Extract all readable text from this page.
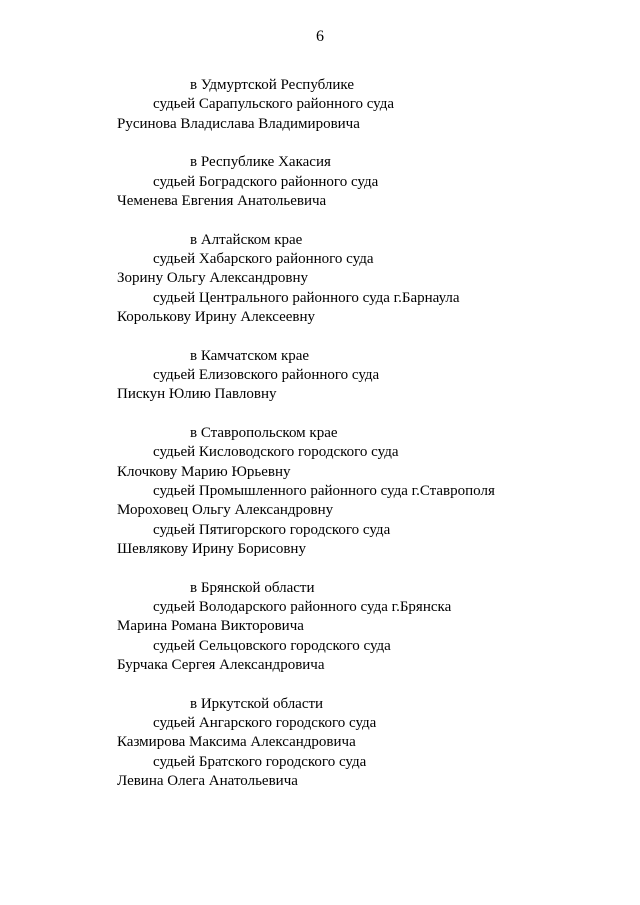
6
в Удмуртской Республике
судьей Сарапульского районного суда
Русинова Владислава Владимировича
в Республике Хакасия
судьей Боградского районного суда
Чеменева Евгения Анатольевича
в Алтайском крае
судьей Хабарского районного суда
Зорину Ольгу Александровну
судьей Центрального районного суда г.Барнаула
Королькову Ирину Алексеевну
в Камчатском крае
судьей Елизовского районного суда
Пискун Юлию Павловну
в Ставропольском крае
судьей Кисловодского городского суда
Клочкову Марию Юрьевну
судьей Промышленного районного суда г.Ставрополя
Мороховец Ольгу Александровну
судьей Пятигорского городского суда
Шевлякову Ирину Борисовну
в Брянской области
судьей Володарского районного суда г.Брянска
Марина Романа Викторовича
судьей Сельцовского городского суда
Бурчака Сергея Александровича
в Иркутской области
судьей Ангарского городского суда
Казмирова Максима Александровича
судьей Братского городского суда
Левина Олега Анатольевича
